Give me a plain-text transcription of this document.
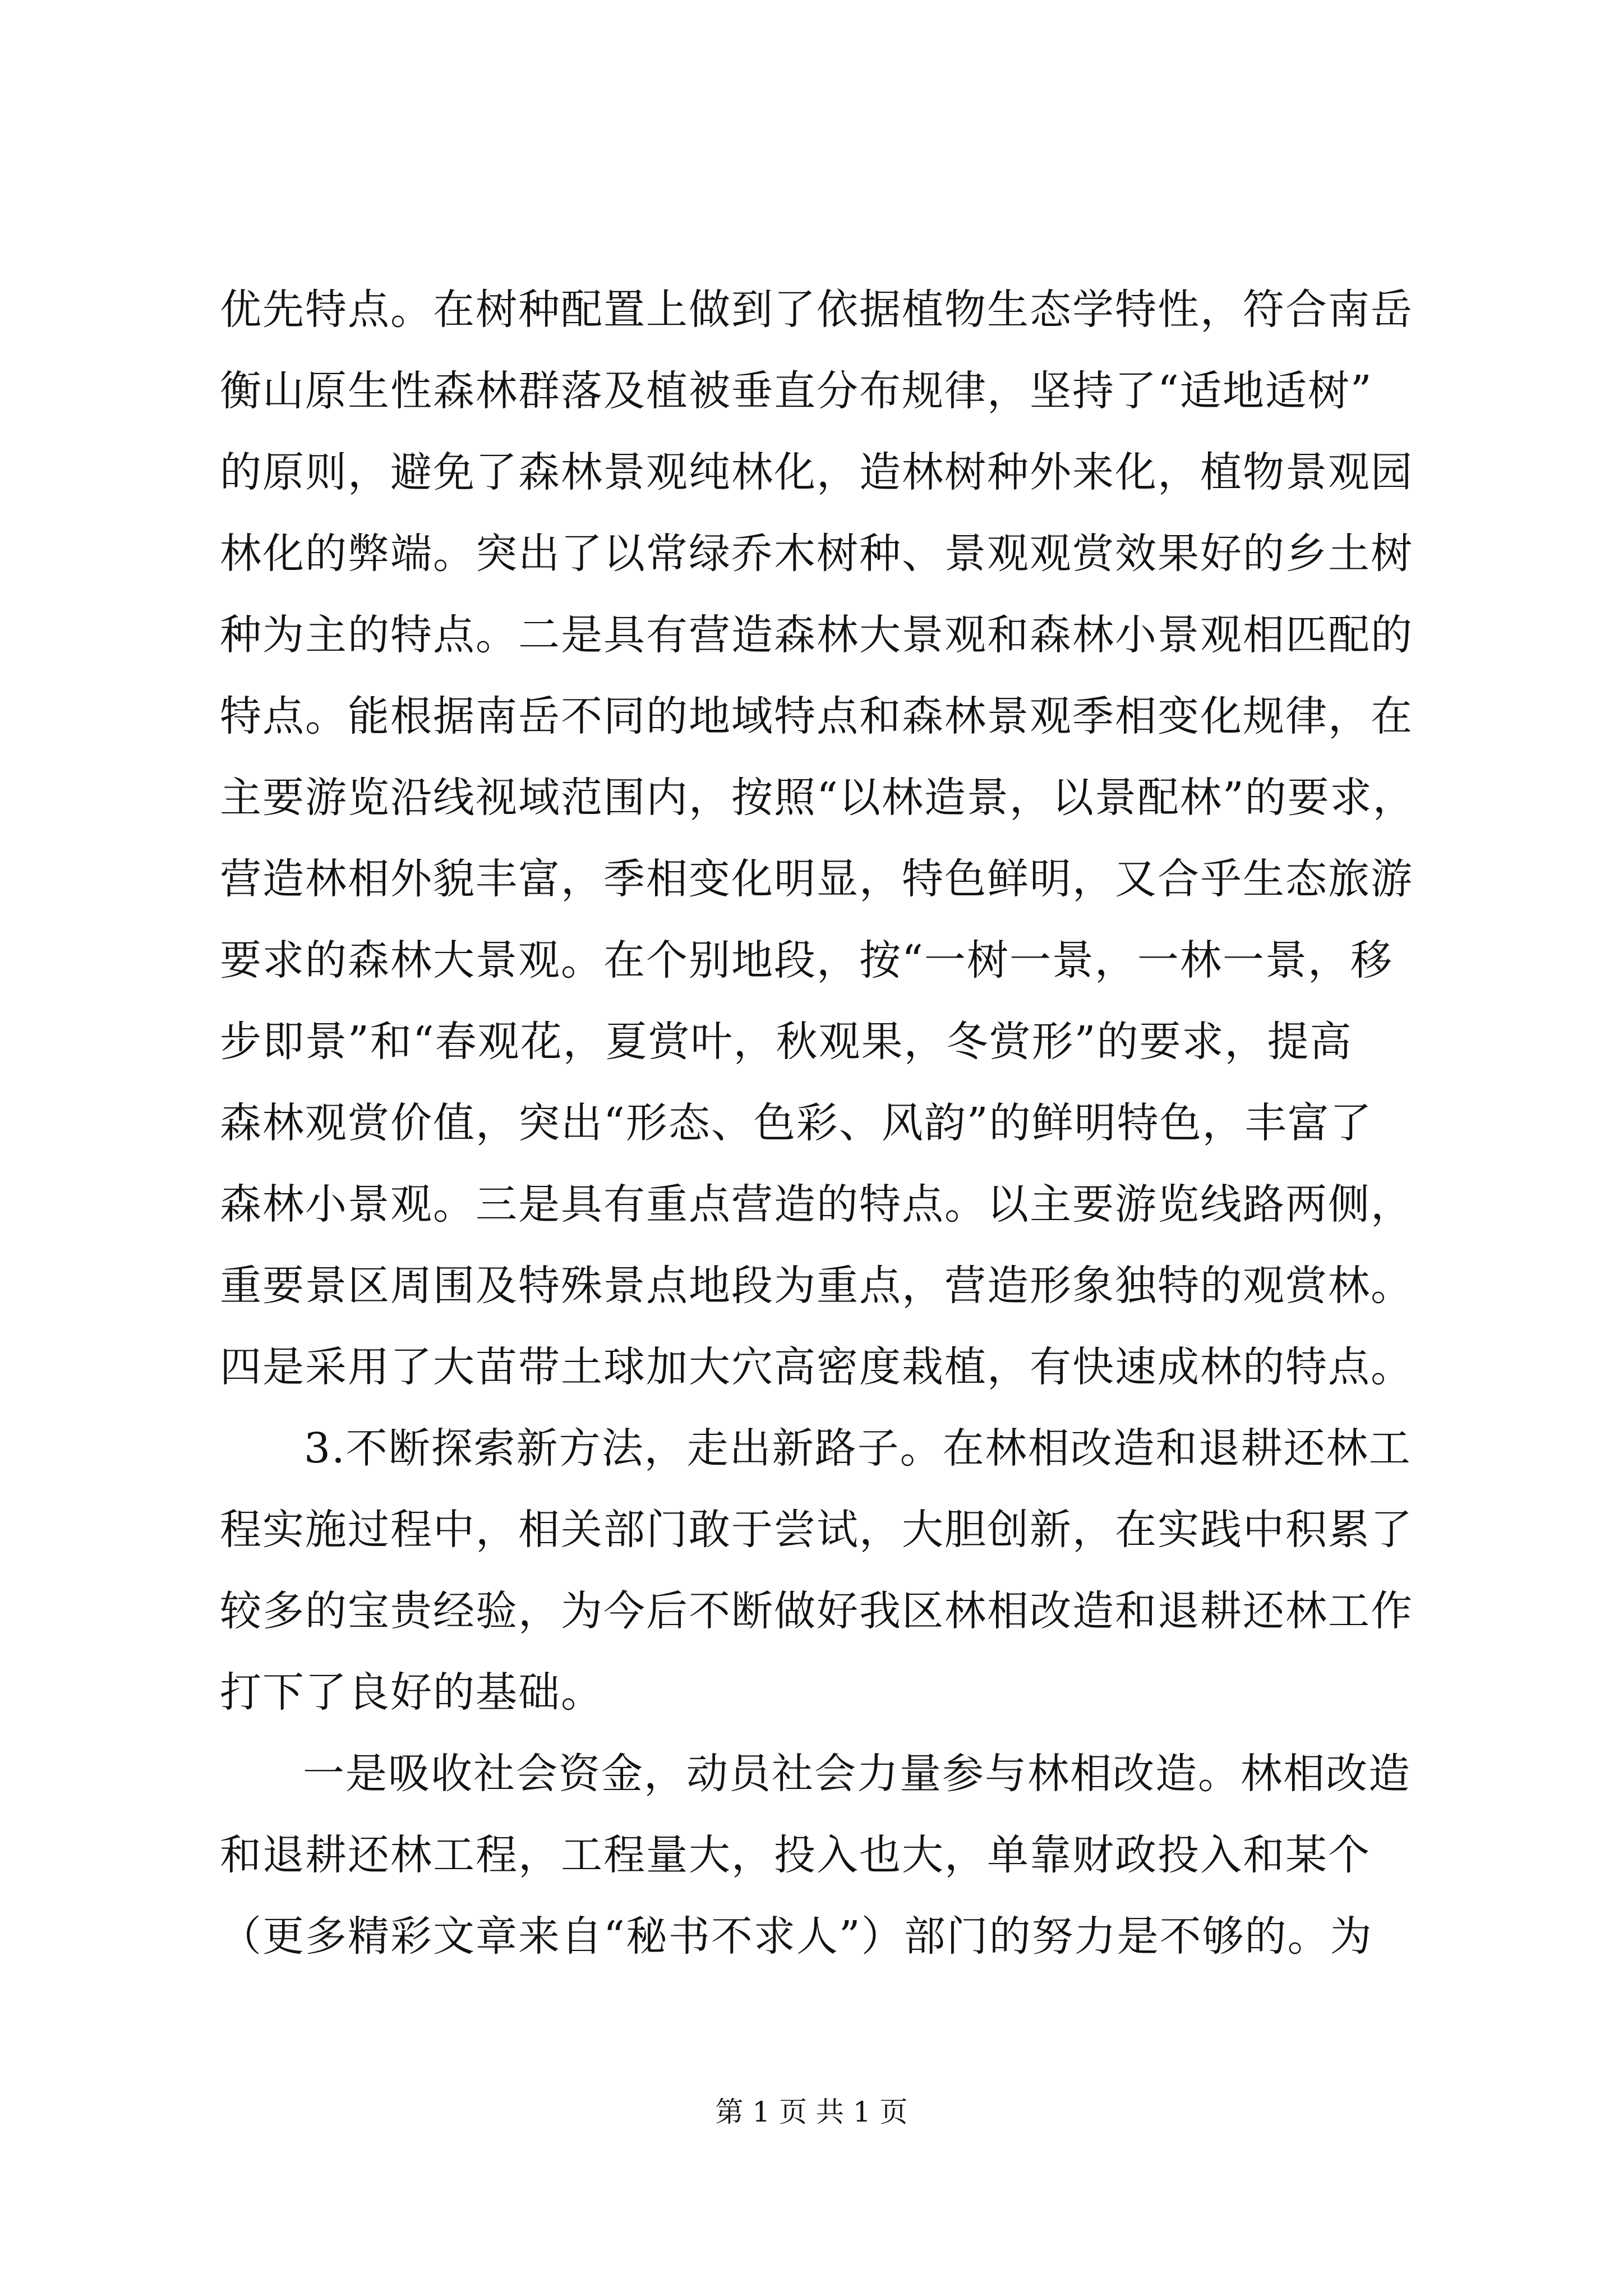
优先特点。在树种配置上做到了依据植物生态学特性，符合南岳
衡山原生性森林群落及植被垂直分布规律，坚持了“适地适树”
的原则，避免了森林景观纯林化，造林树种外来化，植物景观园
林化的弊端。突出了以常绿乔木树种、景观观赏效果好的乡土树
种为主的特点。二是具有营造森林大景观和森林小景观相匹配的
特点。能根据南岳不同的地域特点和森林景观季相变化规律，在
主要游览沿线视域范围内，按照“以林造景，以景配林”的要求，
营造林相外貌丰富，季相变化明显，特色鲜明，又合乎生态旅游
要求的森林大景观。在个别地段，按“一树一景，一林一景，移
步即景”和“春观花，夏赏叶，秋观果，冬赏形”的要求，提高
森林观赏价值，突出“形态、色彩、风韵”的鲜明特色，丰富了
森林小景观。三是具有重点营造的特点。以主要游览线路两侧，
重要景区周围及特殊景点地段为重点，营造形象独特的观赏林。
四是采用了大苗带土球加大穴高密度栽植，有快速成林的特点。
3.不断探索新方法，走出新路子。在林相改造和退耕还林工
程实施过程中，相关部门敢于尝试，大胆创新，在实践中积累了
较多的宝贵经验，为今后不断做好我区林相改造和退耕还林工作
打下了良好的基础。
一是吸收社会资金，动员社会力量参与林相改造。林相改造
和退耕还林工程，工程量大，投入也大，单靠财政投入和某个
（更多精彩文章来自“秘书不求人”）部门的努力是不够的。为
第 1 页 共 1 页
